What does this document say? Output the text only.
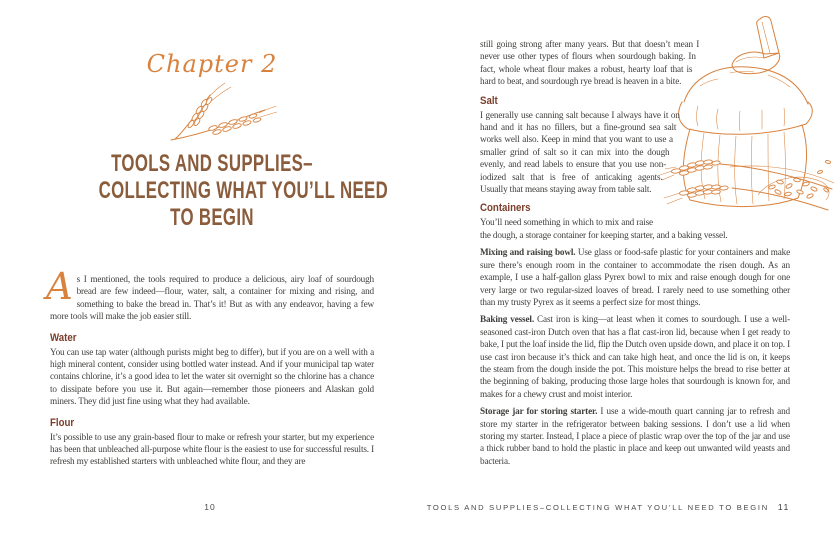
Chapter 2
TOOLS AND SUPPLIES–
COLLECTING WHAT YOU’LL NEED
TO BEGIN

A s I mentioned, the tools required to produce a delicious, airy loaf of sourdough bread are few indeed—flour, water, salt, a container for mixing and rising, and something to bake the bread in. That’s it! But as with any endeavor, having a few more tools will make the job easier still.

Water

You can use tap water (although purists might beg to differ), but if you are on a well with a high mineral content, consider using bottled water instead. And if your municipal tap water contains chlorine, it’s a good idea to let the water sit overnight so the chlorine has a chance to dissipate before you use it. But again—remember those pioneers and Alaskan gold miners. They did just fine using what they had available.

Flour

It’s possible to use any grain-based flour to make or refresh your starter, but my experience has been that unbleached all-purpose white flour is the easiest to use for successful results. I refresh my established starters with unbleached white flour, and they are

10

still going strong after many years. But that doesn’t mean I never use other types of flours when sourdough baking. In fact, whole wheat flour makes a robust, hearty loaf that is hard to beat, and sourdough rye bread is heaven in a bite.

Salt

I generally use canning salt because I always have it on hand and it has no fillers, but a fine-ground sea salt works well also. Keep in mind that you want to use a smaller grind of salt so it can mix into the dough evenly, and read labels to ensure that you use non-iodized salt that is free of anticaking agents. Usually that means staying away from table salt.

Containers

You’ll need something in which to mix and raise the dough, a storage container for keeping starter, and a baking vessel.

Mixing and raising bowl. Use glass or food-safe plastic for your containers and make sure there’s enough room in the container to accommodate the risen dough. As an example, I use a half-gallon glass Pyrex bowl to mix and raise enough dough for one very large or two regular-sized loaves of bread. I rarely need to use something other than my trusty Pyrex as it seems a perfect size for most things.

Baking vessel. Cast iron is king—at least when it comes to sourdough. I use a well-seasoned cast-iron Dutch oven that has a flat cast-iron lid, because when I get ready to bake, I put the loaf inside the lid, flip the Dutch oven upside down, and place it on top. I use cast iron because it’s thick and can take high heat, and once the lid is on, it keeps the steam from the dough inside the pot. This moisture helps the bread to rise better at the beginning of baking, producing those large holes that sourdough is known for, and makes for a chewy crust and moist interior.

Storage jar for storing starter. I use a wide-mouth quart canning jar to refresh and store my starter in the refrigerator between baking sessions. I don’t use a lid when storing my starter. Instead, I place a piece of plastic wrap over the top of the jar and use a thick rubber band to hold the plastic in place and keep out unwanted wild yeasts and bacteria.

TOOLS AND SUPPLIES–COLLECTING WHAT YOU’LL NEED TO BEGIN 11
